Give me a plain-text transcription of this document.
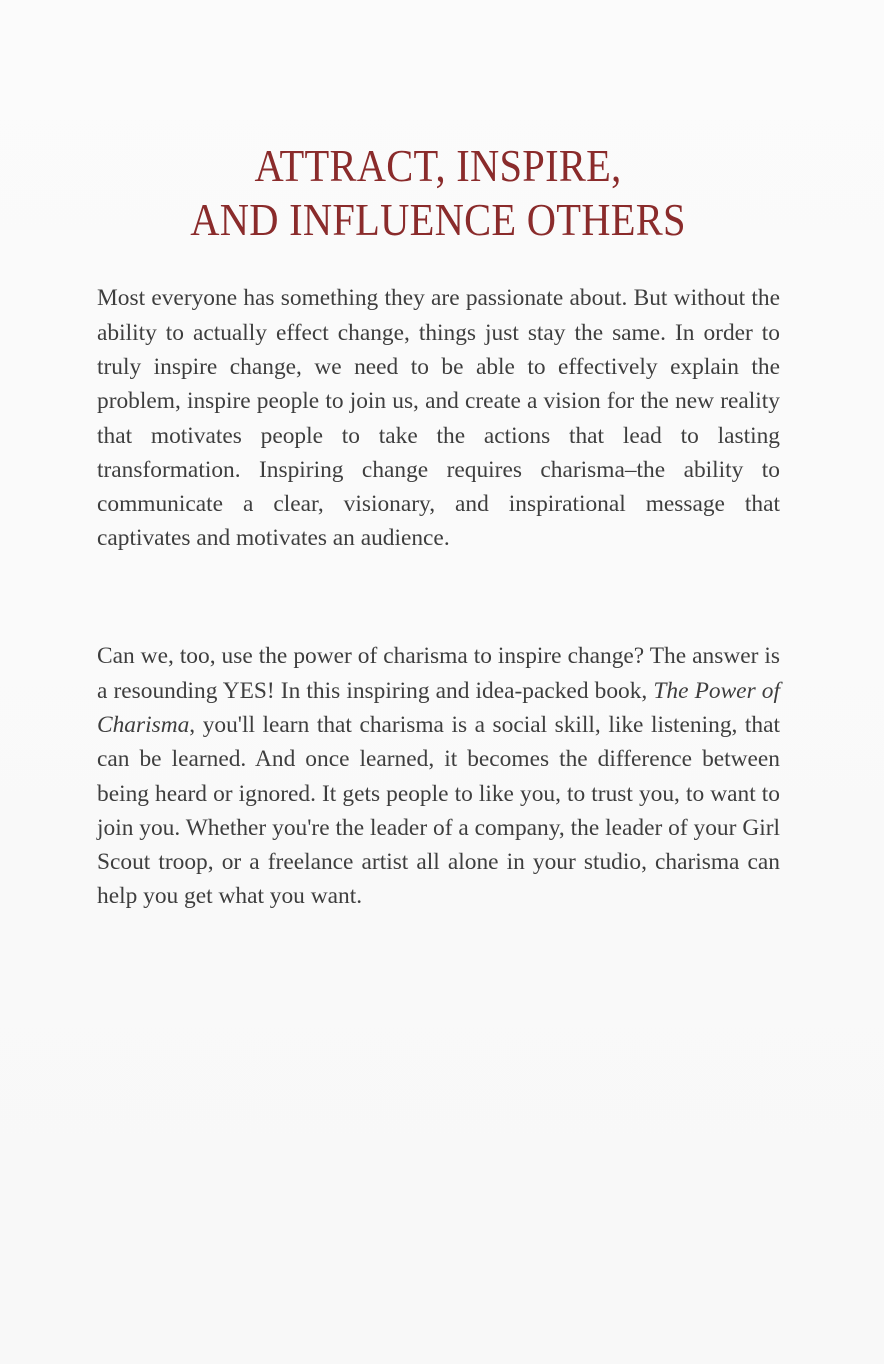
ATTRACT, INSPIRE,
AND INFLUENCE OTHERS

Most everyone has something they are passionate about. But without the ability to actually effect change, things just stay the same. In order to truly inspire change, we need to be able to effectively explain the problem, inspire people to join us, and create a vision for the new reality that motivates people to take the actions that lead to lasting transformation. Inspiring change requires charisma–the ability to communicate a clear, visionary, and inspirational message that captivates and motivates an audience.

Can we, too, use the power of charisma to inspire change? The answer is a resounding YES! In this inspiring and idea-packed book, The Power of Charisma, you'll learn that charisma is a social skill, like listening, that can be learned. And once learned, it becomes the difference between being heard or ignored. It gets people to like you, to trust you, to want to join you. Whether you're the leader of a company, the leader of your Girl Scout troop, or a freelance artist all alone in your studio, charisma can help you get what you want.
